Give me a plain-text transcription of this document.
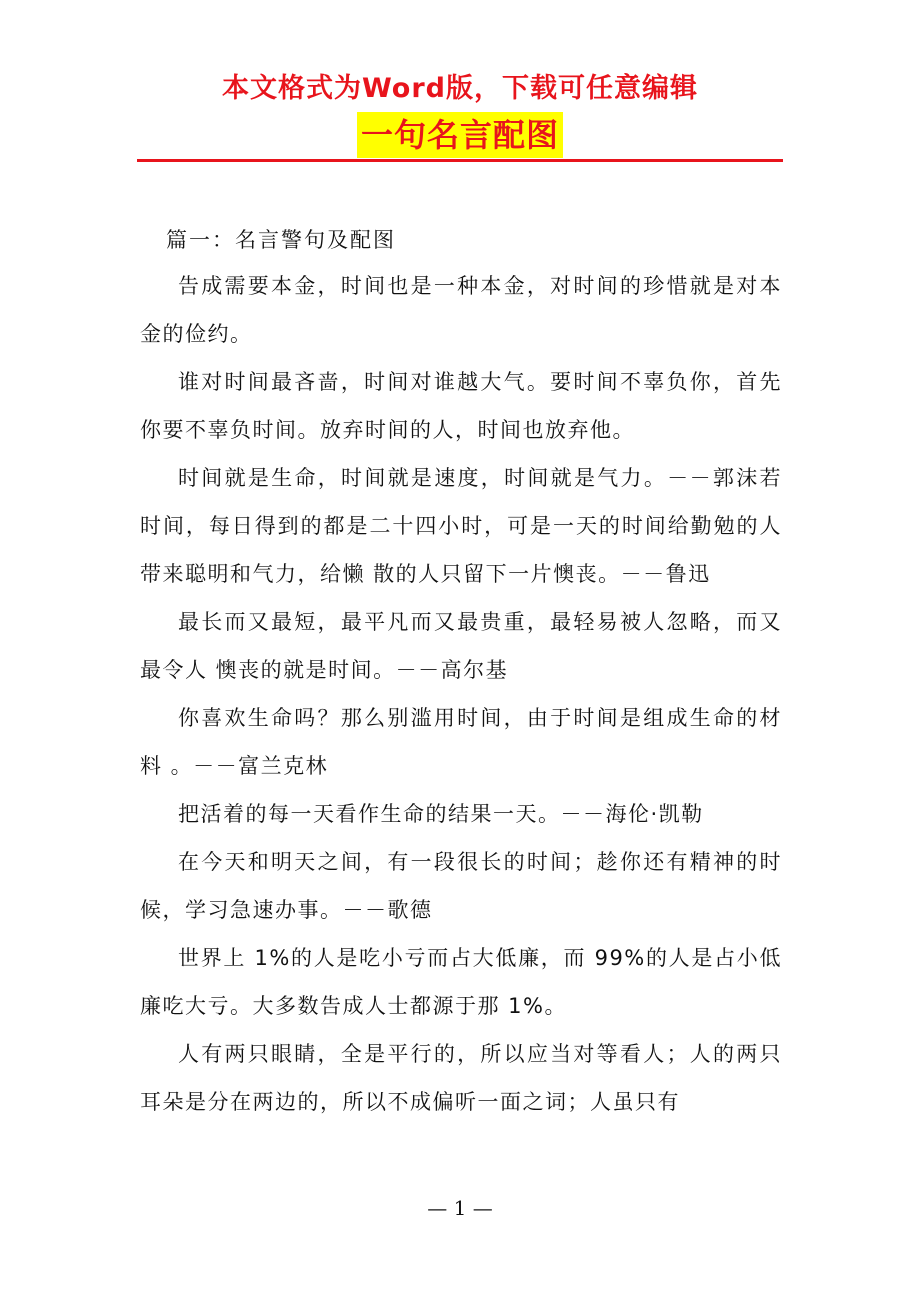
本文格式为Word版，下载可任意编辑
一句名言配图
篇一：名言警句及配图

告成需要本金，时间也是一种本金，对时间的珍惜就是对本金的俭约。

谁对时间最吝啬，时间对谁越大气。要时间不辜负你，首先你要不辜负时间。放弃时间的人，时间也放弃他。

时间就是生命，时间就是速度，时间就是气力。－－郭沫若 时间，每日得到的都是二十四小时，可是一天的时间给勤勉的人带来聪明和气力，给懒 散的人只留下一片懊丧。－－鲁迅

最长而又最短，最平凡而又最贵重，最轻易被人忽略，而又最令人 懊丧的就是时间。－－高尔基

你喜欢生命吗？那么别滥用时间，由于时间是组成生命的材料 。－－富兰克林

把活着的每一天看作生命的结果一天。－－海伦·凯勒

在今天和明天之间，有一段很长的时间；趁你还有精神的时候，学习急速办事。－－歌德

世界上 1%的人是吃小亏而占大低廉，而 99%的人是占小低廉吃大亏。大多数告成人士都源于那 1%。

人有两只眼睛，全是平行的，所以应当对等看人；人的两只耳朵是分在两边的，所以不成偏听一面之词；人虽只有

— 1 —
